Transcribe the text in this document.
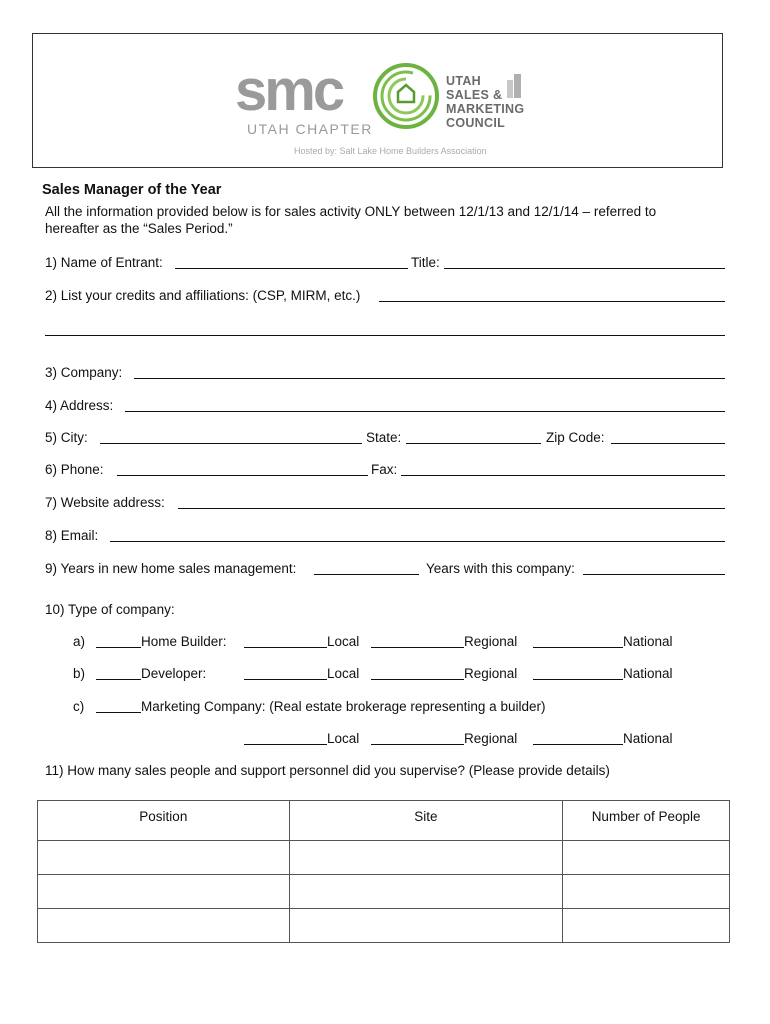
smc
UTAH CHAPTER
UTAH
SALES &
MARKETING
COUNCIL
Hosted by: Salt Lake Home Builders Association
Sales Manager of the Year
All the information provided below is for sales activity ONLY between 12/1/13 and 12/1/14 – referred to hereafter as the “Sales Period.”
1) Name of Entrant:	Title:
2) List your credits and affiliations: (CSP, MIRM, etc.)
3) Company:
4) Address:
5) City:	State:	Zip Code:
6) Phone:	Fax:
7) Website address:
8) Email:
9) Years in new home sales management:	Years with this company:
10) Type of company:
a)	Home Builder:	Local	Regional	National
b)	Developer:	Local	Regional	National
c)	Marketing Company: (Real estate brokerage representing a builder)
Local	Regional	National
11) How many sales people and support personnel did you supervise? (Please provide details)
Position	Site	Number of People
